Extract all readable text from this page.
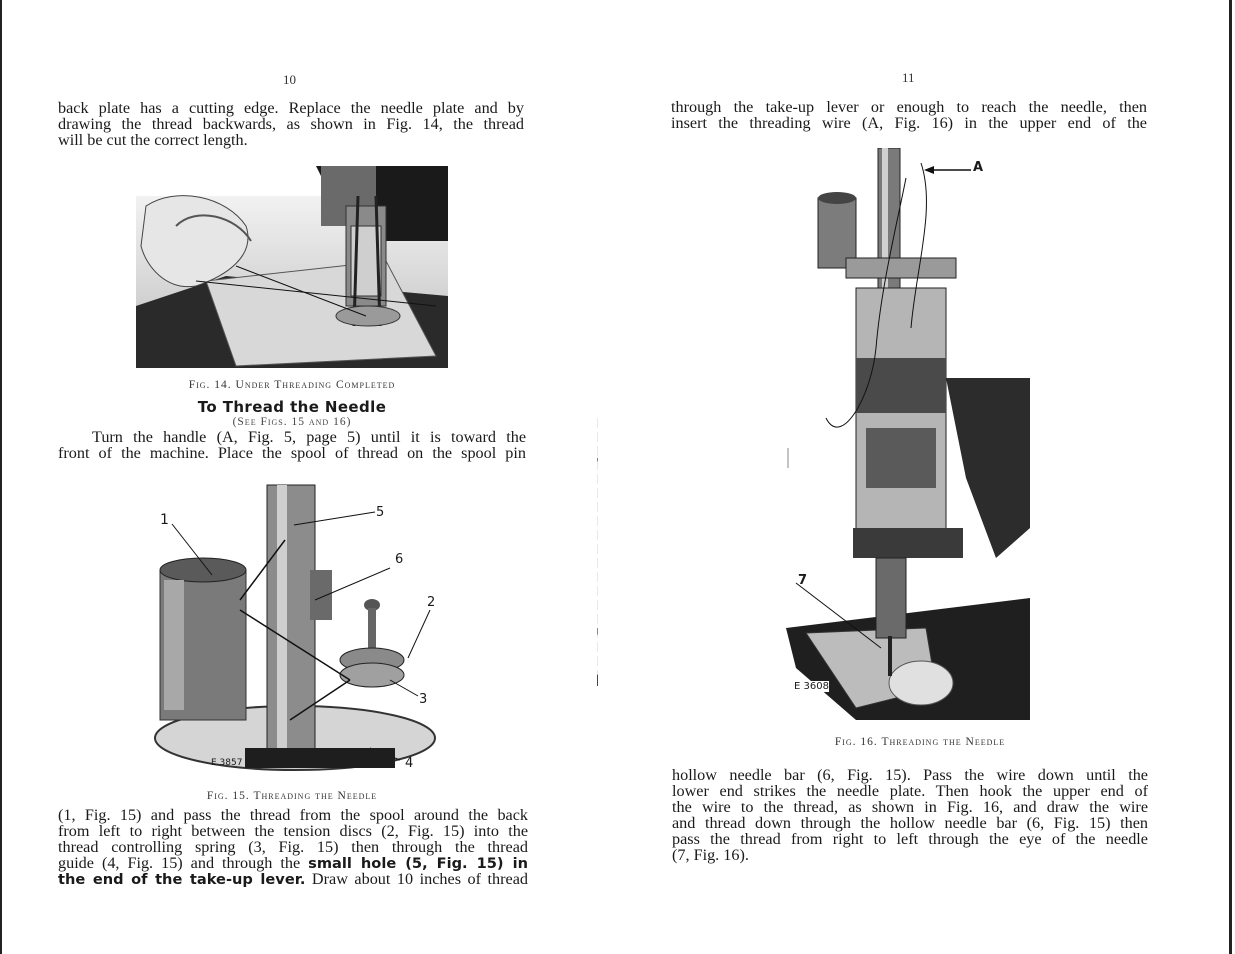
10

back plate has a cutting edge. Replace the needle plate and by
drawing the thread backwards, as shown in Fig. 14, the thread
will be cut the correct length.

Fig. 14. Under Threading Completed
To Thread the Needle
(See Figs. 15 and 16)

Turn the handle (A, Fig. 5, page 5) until it is toward the
front of the machine. Place the spool of thread on the spool pin

1	5
6
2
3
4
E 3857
Fig. 15. Threading the Needle

(1, Fig. 15) and pass the thread from the spool around the back
from left to right between the tension discs (2, Fig. 15) into the
thread controlling spring (3, Fig. 15) then through the thread
guide (4, Fig. 15) and through the small hole (5, Fig. 15) in
the end of the take-up lever. Draw about 10 inches of thread

11

through the take-up lever or enough to reach the needle, then
insert the threading wire (A, Fig. 16) in the upper end of the

A
7
E 3608
Fig. 16. Threading the Needle

hollow needle bar (6, Fig. 15). Pass the wire down until the
lower end strikes the needle plate. Then hook the upper end of
the wire to the thread, as shown in Fig. 16, and draw the wire
and thread down through the hollow needle bar (6, Fig. 15) then
pass the thread from right to left through the eye of the needle
(7, Fig. 16).
